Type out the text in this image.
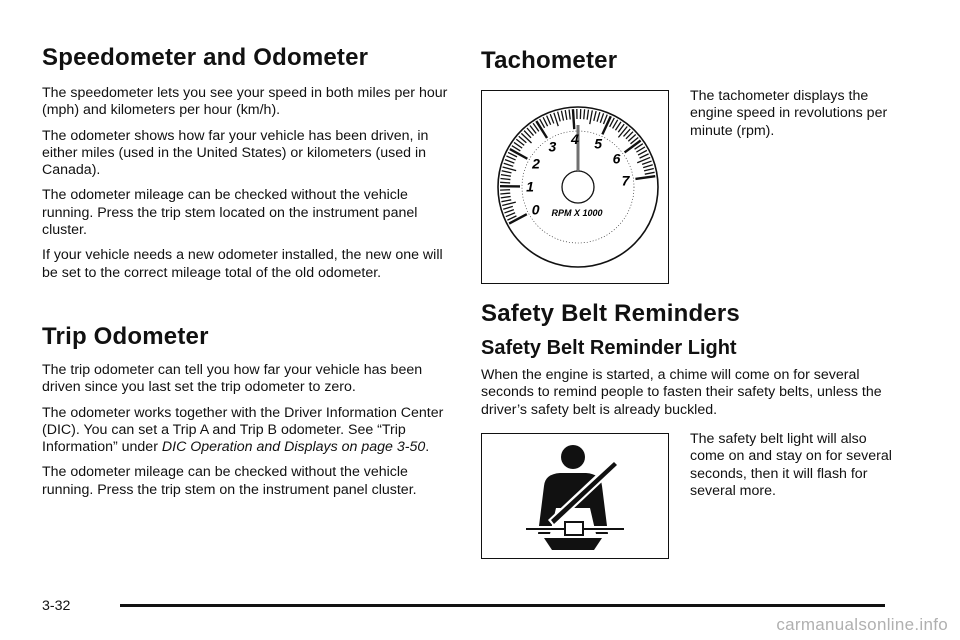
Speedometer and Odometer

The speedometer lets you see your speed in both miles per hour (mph) and kilometers per hour (km/h).

The odometer shows how far your vehicle has been driven, in either miles (used in the United States) or kilometers (used in Canada).

The odometer mileage can be checked without the vehicle running. Press the trip stem located on the instrument panel cluster.

If your vehicle needs a new odometer installed, the new one will be set to the correct mileage total of the old odometer.

Trip Odometer

The trip odometer can tell you how far your vehicle has been driven since you last set the trip odometer to zero.

The odometer works together with the Driver Information Center (DIC). You can set a Trip A and Trip B odometer. See “Trip Information” under DIC Operation and Displays on page 3-50.

The odometer mileage can be checked without the vehicle running. Press the trip stem on the instrument panel cluster.

Tachometer
RPM X 1000
0
1
2
3 4 5
6
7

The tachometer displays the engine speed in revolutions per minute (rpm).

Safety Belt Reminders
Safety Belt Reminder Light

When the engine is started, a chime will come on for several seconds to remind people to fasten their safety belts, unless the driver’s safety belt is already buckled.

The safety belt light will also come on and stay on for several seconds, then it will flash for several more.

3-32
carmanualsonline.info
